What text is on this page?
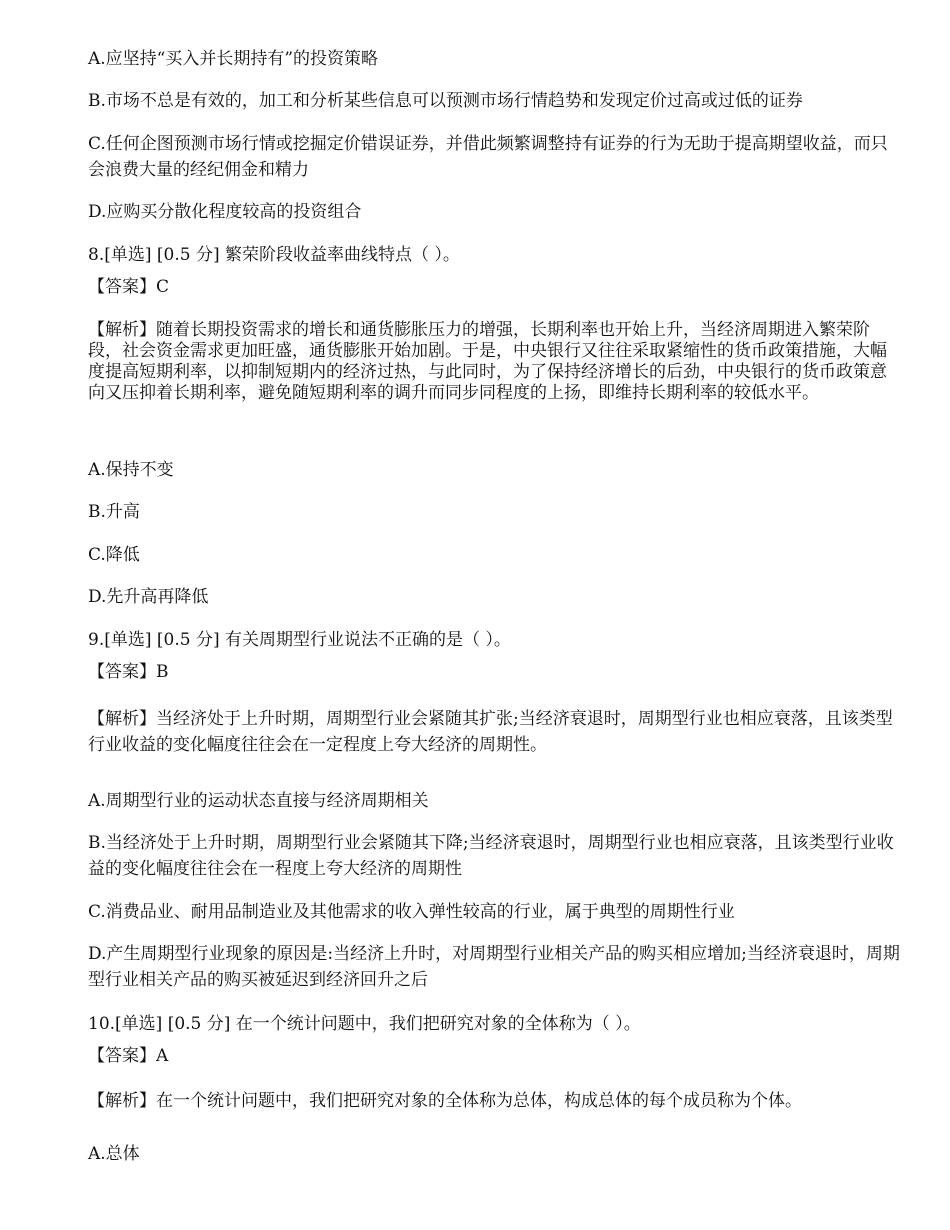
A.应坚持“买入并长期持有”的投资策略
B.市场不总是有效的，加工和分析某些信息可以预测市场行情趋势和发现定价过高或过低的证券
C.任何企图预测市场行情或挖掘定价错误证券，并借此频繁调整持有证券的行为无助于提高期望收益，而只会浪费大量的经纪佣金和精力
D.应购买分散化程度较高的投资组合
8.[单选] [0.5 分] 繁荣阶段收益率曲线特点（ ）。
【答案】C
【解析】随着长期投资需求的增长和通货膨胀压力的增强，长期利率也开始上升，当经济周期进入繁荣阶段，社会资金需求更加旺盛，通货膨胀开始加剧。于是，中央银行又往往采取紧缩性的货币政策措施，大幅度提高短期利率，以抑制短期内的经济过热，与此同时，为了保持经济增长的后劲，中央银行的货币政策意向又压抑着长期利率，避免随短期利率的调升而同步同程度的上扬，即维持长期利率的较低水平。
A.保持不变
B.升高
C.降低
D.先升高再降低
9.[单选] [0.5 分] 有关周期型行业说法不正确的是（ ）。
【答案】B
【解析】当经济处于上升时期，周期型行业会紧随其扩张;当经济衰退时，周期型行业也相应衰落，且该类型行业收益的变化幅度往往会在一定程度上夸大经济的周期性。
A.周期型行业的运动状态直接与经济周期相关
B.当经济处于上升时期，周期型行业会紧随其下降;当经济衰退时，周期型行业也相应衰落，且该类型行业收益的变化幅度往往会在一程度上夸大经济的周期性
C.消费品业、耐用品制造业及其他需求的收入弹性较高的行业，属于典型的周期性行业
D.产生周期型行业现象的原因是:当经济上升时，对周期型行业相关产品的购买相应增加;当经济衰退时，周期型行业相关产品的购买被延迟到经济回升之后
10.[单选] [0.5 分] 在一个统计问题中，我们把研究对象的全体称为（ ）。
【答案】A
【解析】在一个统计问题中，我们把研究对象的全体称为总体，构成总体的每个成员称为个体。
A.总体
